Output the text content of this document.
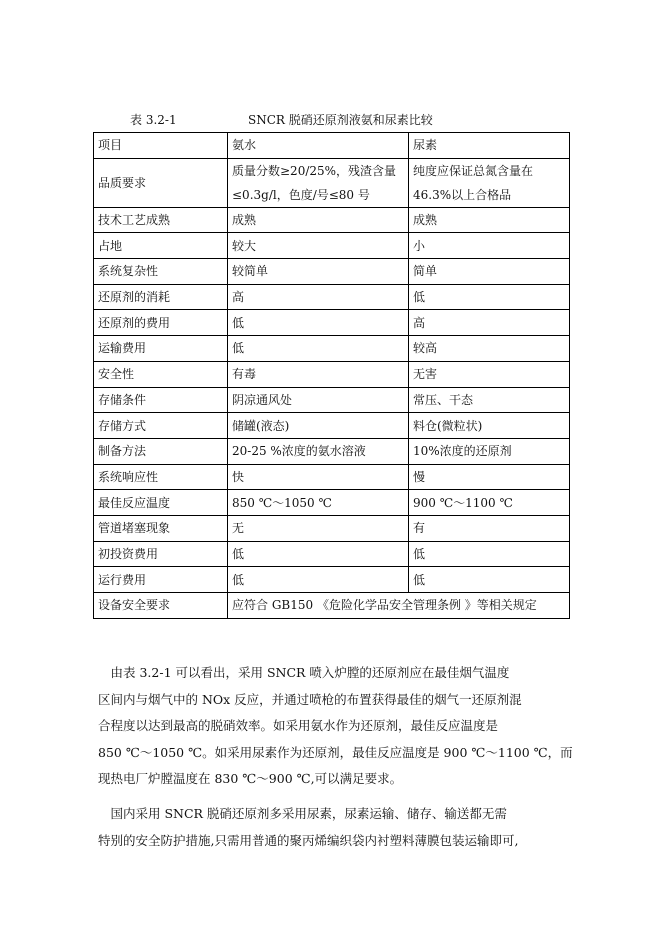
表 3.2-1	SNCR 脱硝还原剂液氨和尿素比较
项目	氨水	尿素
品质要求	质量分数≥20/25%，残渣含量≤0.3g/l，色度/号≤80 号	纯度应保证总氮含量在46.3%以上合格品
技术工艺成熟	成熟	成熟
占地	较大	小
系统复杂性	较简单	简单
还原剂的消耗	高	低
还原剂的费用	低	高
运输费用	低	较高
安全性	有毒	无害
存储条件	阴凉通风处	常压、干态
存储方式	储罐(液态)	料仓(微粒状)
制备方法	20-25 %浓度的氨水溶液	10%浓度的还原剂
系统响应性	快	慢
最佳反应温度	850 ℃～1050 ℃	900 ℃～1100 ℃
管道堵塞现象	无	有
初投资费用	低	低
运行费用	低	低
设备安全要求	应符合 GB150 《危险化学品安全管理条例 》等相关规定	

　由表 3.2-1 可以看出，采用 SNCR 喷入炉膛的还原剂应在最佳烟气温度

区间内与烟气中的 NOx 反应，并通过喷枪的布置获得最佳的烟气一还原剂混

合程度以达到最高的脱硝效率。如采用氨水作为还原剂，最佳反应温度是

850 ℃～1050 ℃。如采用尿素作为还原剂，最佳反应温度是 900 ℃～1100 ℃，而

现热电厂炉膛温度在 830 ℃～900 ℃,可以满足要求。

　国内采用 SNCR 脱硝还原剂多采用尿素，尿素运输、储存、输送都无需

特别的安全防护措施,只需用普通的聚丙烯编织袋内衬塑料薄膜包装运输即可,
